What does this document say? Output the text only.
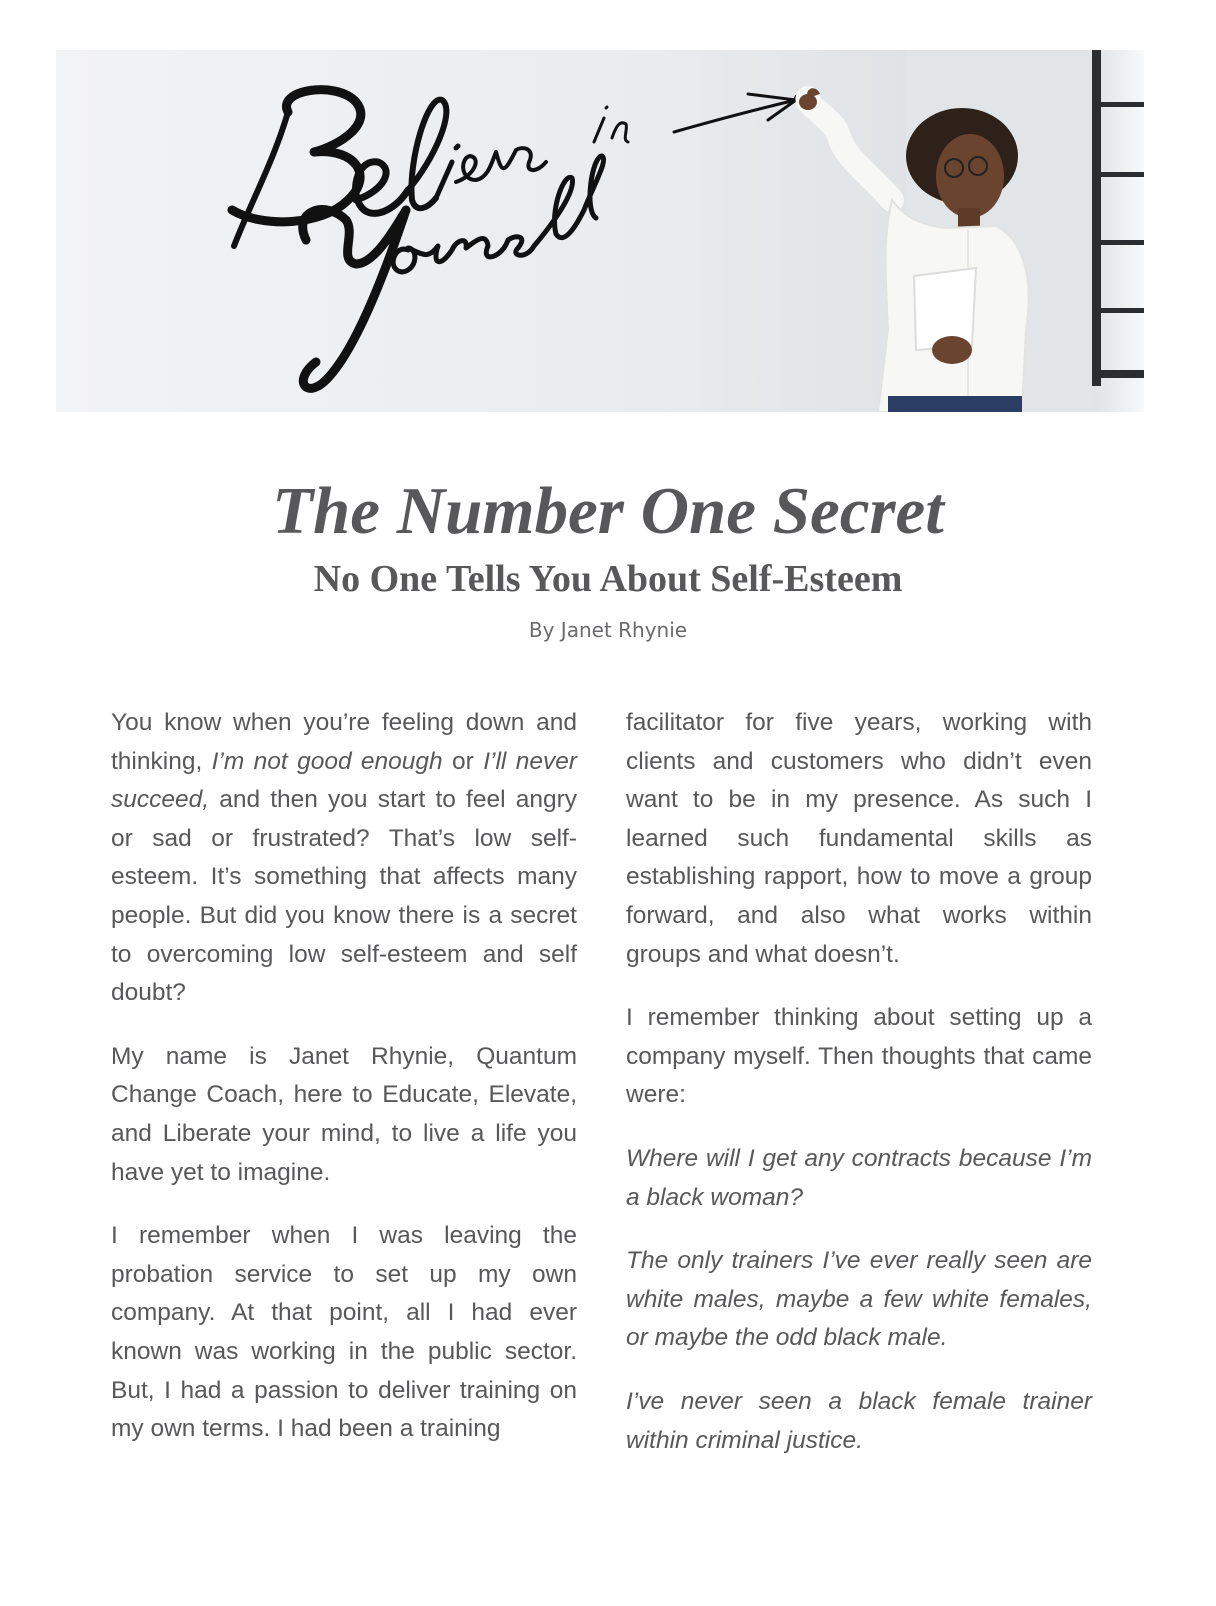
The Number One Secret
No One Tells You About Self-Esteem
By Janet Rhynie

You know when you’re feeling down and thinking, I’m not good enough or I’ll never succeed, and then you start to feel angry or sad or frustrated? That’s low self-esteem. It’s something that affects many people. But did you know there is a secret to overcoming low self-esteem and self doubt?

My name is Janet Rhynie, Quantum Change Coach, here to Educate, Elevate, and Liberate your mind, to live a life you have yet to imagine.

I remember when I was leaving the probation service to set up my own company. At that point, all I had ever known was working in the public sector. But, I had a passion to deliver training on my own terms. I had been a training

facilitator for five years, working with clients and customers who didn’t even want to be in my presence. As such I learned such fundamental skills as establishing rapport, how to move a group forward, and also what works within groups and what doesn’t.

I remember thinking about setting up a company myself. Then thoughts that came were:

Where will I get any contracts because I’m a black woman?

The only trainers I’ve ever really seen are white males, maybe a few white females, or maybe the odd black male.

I’ve never seen a black female trainer within criminal justice.
